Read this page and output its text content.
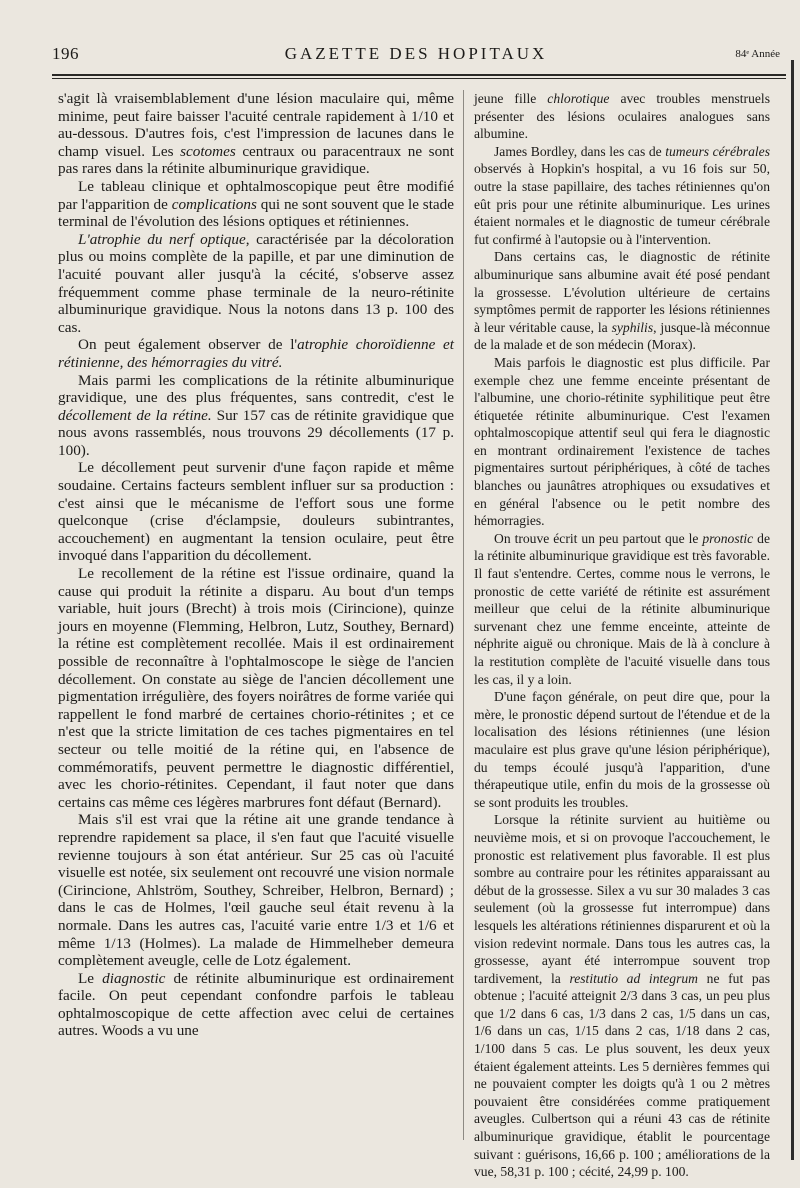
196	GAZETTE DES HOPITAUX	84ᵉ Année

s'agit là vraisemblablement d'une lésion maculaire qui, même minime, peut faire baisser l'acuité centrale rapidement à 1/10 et au-dessous. D'autres fois, c'est l'impression de lacunes dans le champ visuel. Les scotomes centraux ou paracentraux ne sont pas rares dans la rétinite albuminurique gravidique.

Le tableau clinique et ophtalmoscopique peut être modifié par l'apparition de complications qui ne sont souvent que le stade terminal de l'évolution des lésions optiques et rétiniennes.

L'atrophie du nerf optique, caractérisée par la décoloration plus ou moins complète de la papille, et par une diminution de l'acuité pouvant aller jusqu'à la cécité, s'observe assez fréquemment comme phase terminale de la neuro-rétinite albuminurique gravidique. Nous la notons dans 13 p. 100 des cas.

On peut également observer de l'atrophie choroïdienne et rétinienne, des hémorragies du vitré.

Mais parmi les complications de la rétinite albuminurique gravidique, une des plus fréquentes, sans contredit, c'est le décollement de la rétine. Sur 157 cas de rétinite gravidique que nous avons rassemblés, nous trouvons 29 décollements (17 p. 100).

Le décollement peut survenir d'une façon rapide et même soudaine. Certains facteurs semblent influer sur sa production : c'est ainsi que le mécanisme de l'effort sous une forme quelconque (crise d'éclampsie, douleurs subintrantes, accouchement) en augmentant la tension oculaire, peut être invoqué dans l'apparition du décollement.

Le recollement de la rétine est l'issue ordinaire, quand la cause qui produit la rétinite a disparu. Au bout d'un temps variable, huit jours (Brecht) à trois mois (Cirincione), quinze jours en moyenne (Flemming, Helbron, Lutz, Southey, Bernard) la rétine est complètement recollée. Mais il est ordinairement possible de reconnaître à l'ophtalmoscope le siège de l'ancien décollement. On constate au siège de l'ancien décollement une pigmentation irrégulière, des foyers noirâtres de forme variée qui rappellent le fond marbré de certaines chorio-rétinites ; et ce n'est que la stricte limitation de ces taches pigmentaires en tel secteur ou telle moitié de la rétine qui, en l'absence de commémoratifs, peuvent permettre le diagnostic différentiel, avec les chorio-rétinites. Cependant, il faut noter que dans certains cas même ces légères marbrures font défaut (Bernard).

Mais s'il est vrai que la rétine ait une grande tendance à reprendre rapidement sa place, il s'en faut que l'acuité visuelle revienne toujours à son état antérieur. Sur 25 cas où l'acuité visuelle est notée, six seulement ont recouvré une vision normale (Cirincione, Ahlström, Southey, Schreiber, Helbron, Bernard) ; dans le cas de Holmes, l'œil gauche seul était revenu à la normale. Dans les autres cas, l'acuité varie entre 1/3 et 1/6 et même 1/13 (Holmes). La malade de Himmelheber demeura complètement aveugle, celle de Lotz également.

Le diagnostic de rétinite albuminurique est ordinairement facile. On peut cependant confondre parfois le tableau ophtalmoscopique de cette affection avec celui de certaines autres. Woods a vu une

jeune fille chlorotique avec troubles menstruels présenter des lésions oculaires analogues sans albumine.

James Bordley, dans les cas de tumeurs cérébrales observés à Hopkin's hospital, a vu 16 fois sur 50, outre la stase papillaire, des taches rétiniennes qu'on eût pris pour une rétinite albuminurique. Les urines étaient normales et le diagnostic de tumeur cérébrale fut confirmé à l'autopsie ou à l'intervention.

Dans certains cas, le diagnostic de rétinite albuminurique sans albumine avait été posé pendant la grossesse. L'évolution ultérieure de certains symptômes permit de rapporter les lésions rétiniennes à leur véritable cause, la syphilis, jusque-là méconnue de la malade et de son médecin (Morax).

Mais parfois le diagnostic est plus difficile. Par exemple chez une femme enceinte présentant de l'albumine, une chorio-rétinite syphilitique peut être étiquetée rétinite albuminurique. C'est l'examen ophtalmoscopique attentif seul qui fera le diagnostic en montrant ordinairement l'existence de taches pigmentaires surtout périphériques, à côté de taches blanches ou jaunâtres atrophiques ou exsudatives et en général l'absence ou le petit nombre des hémorragies.

On trouve écrit un peu partout que le pronostic de la rétinite albuminurique gravidique est très favorable. Il faut s'entendre. Certes, comme nous le verrons, le pronostic de cette variété de rétinite est assurément meilleur que celui de la rétinite albuminurique survenant chez une femme enceinte, atteinte de néphrite aiguë ou chronique. Mais de là à conclure à la restitution complète de l'acuité visuelle dans tous les cas, il y a loin.

D'une façon générale, on peut dire que, pour la mère, le pronostic dépend surtout de l'étendue et de la localisation des lésions rétiniennes (une lésion maculaire est plus grave qu'une lésion périphérique), du temps écoulé jusqu'à l'apparition, d'une thérapeutique utile, enfin du mois de la grossesse où se sont produits les troubles.

Lorsque la rétinite survient au huitième ou neuvième mois, et si on provoque l'accouchement, le pronostic est relativement plus favorable. Il est plus sombre au contraire pour les rétinites apparaissant au début de la grossesse. Silex a vu sur 30 malades 3 cas seulement (où la grossesse fut interrompue) dans lesquels les altérations rétiniennes disparurent et où la vision redevint normale. Dans tous les autres cas, la grossesse, ayant été interrompue souvent trop tardivement, la restitutio ad integrum ne fut pas obtenue ; l'acuité atteignit 2/3 dans 3 cas, un peu plus que 1/2 dans 6 cas, 1/3 dans 2 cas, 1/5 dans un cas, 1/6 dans un cas, 1/15 dans 2 cas, 1/18 dans 2 cas, 1/100 dans 5 cas. Le plus souvent, les deux yeux étaient également atteints. Les 5 dernières femmes qui ne pouvaient compter les doigts qu'à 1 ou 2 mètres pouvaient être considérées comme pratiquement aveugles. Culbertson qui a réuni 43 cas de rétinite albuminurique gravidique, établit le pourcentage suivant : guérisons, 16,66 p. 100 ; améliorations de la vue, 58,31 p. 100 ; cécité, 24,99 p. 100.
